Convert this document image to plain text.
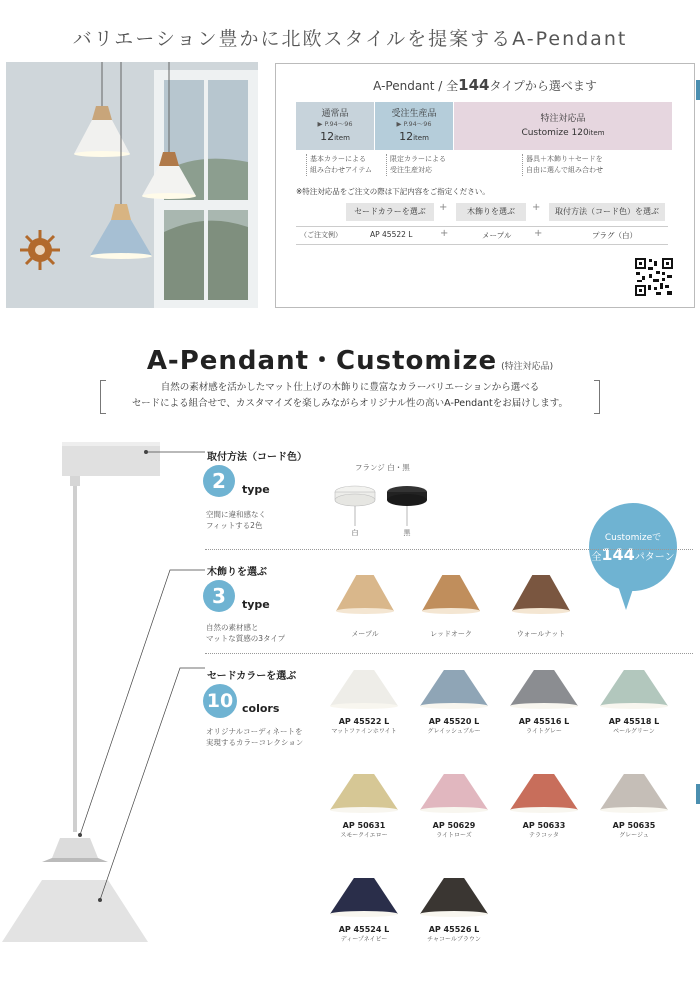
バリエーション豊かに北欧スタイルを提案するA-Pendant
A-Pendant / 全144タイプから選べます
通常品
▶ P.94〜96
12item
受注生産品
▶ P.94〜96
12item
特注対応品
Customize 120item
基本カラーによる
組み合わせアイテム
限定カラーによる
受注生産対応
器具＋木飾り＋セードを
自由に選んで組み合わせ
※特注対応品をご注文の際は下記内容をご指定ください。
セードカラーを選ぶ	+	木飾りを選ぶ	+	取付方法（コード色）を選ぶ
（ご注文例）	AP 45522 L	+	メープル +	プラグ（白）
A-Pendant・Customize (特注対応品)
自然の素材感を活かしたマット仕上げの木飾りに豊富なカラーバリエーションから選べる
セードによる組合せで、カスタマイズを楽しみながらオリジナル性の高いA-Pendantをお届けします。
取付方法（コード色）
2	type
空間に違和感なく
フィットする2色
フランジ 白・黒
白	黒	Customizeで
全144パターン
木飾りを選ぶ
3	type
自然の素材感と
マットな質感の3タイプ	メープル	レッドオーク	ウォールナット
セードカラーを選ぶ
10 colors
オリジナルコーディネートを
実現するカラーコレクション
AP 45522 L
マットファインホワイト
AP 45520 L
グレイッシュブルー
AP 45516 L
ライトグレー
AP 45518 L
ペールグリーン
AP 50631
スモークイエロー
AP 50629
ライトローズ
AP 50633
テラコッタ
AP 50635
グレージュ
AP 45524 L
ディープネイビー
AP 45526 L
チャコールブラウン
